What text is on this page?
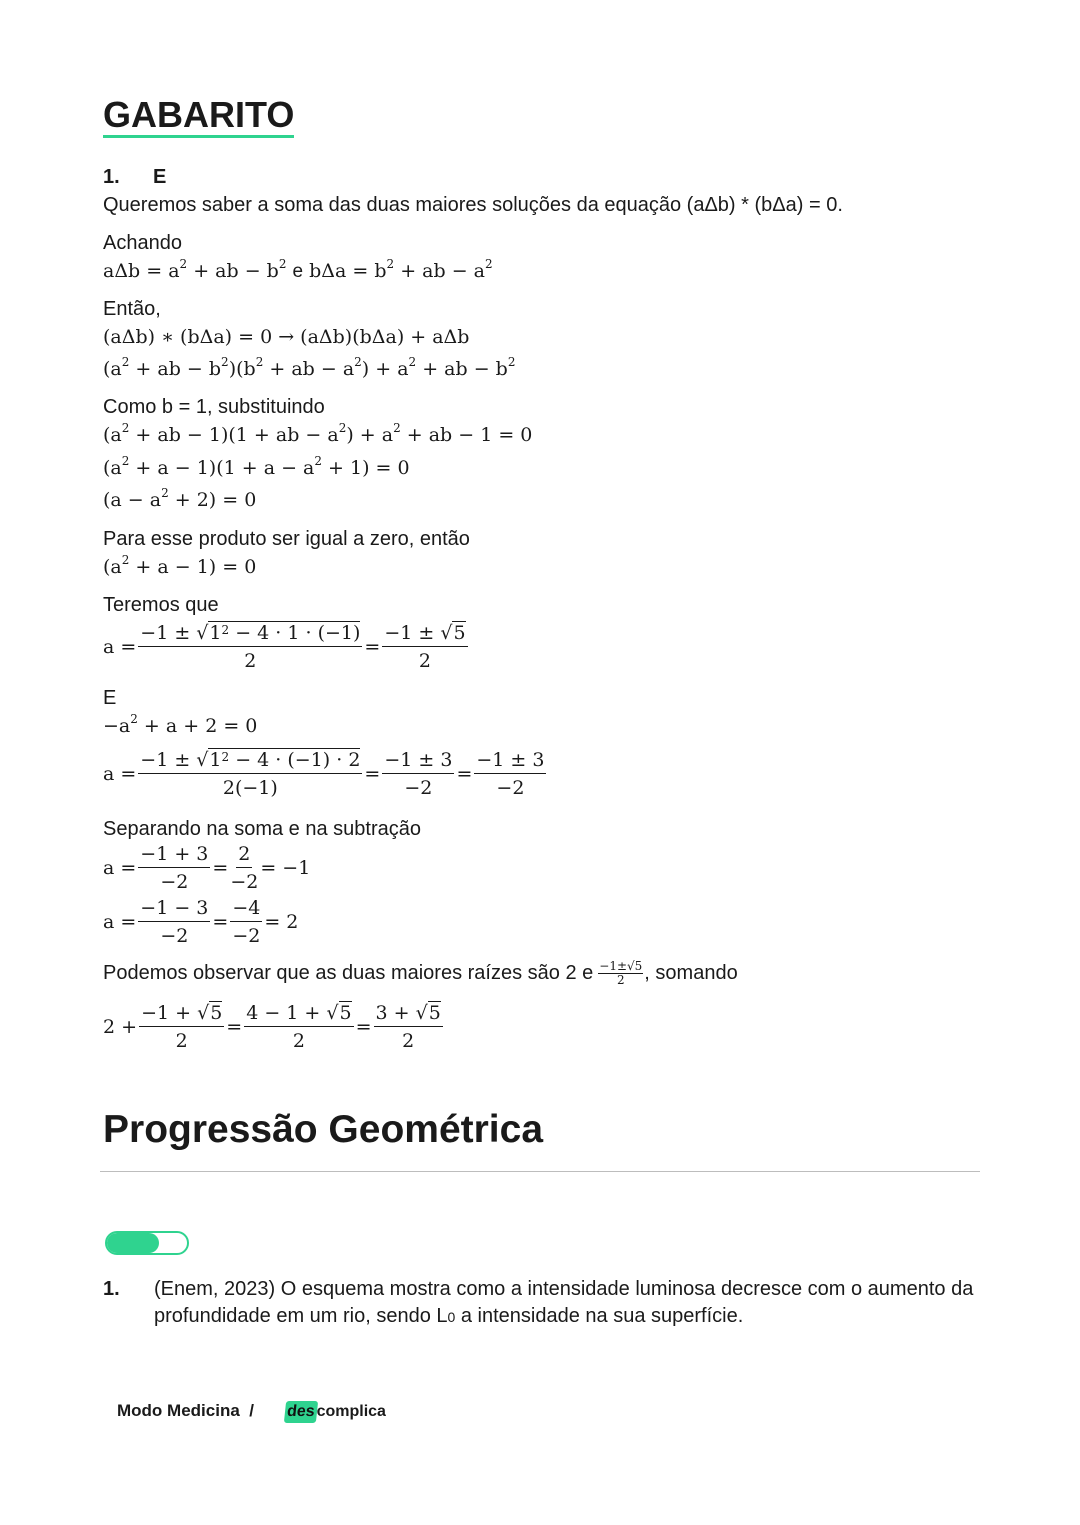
GABARITO
1. E
Queremos saber a soma das duas maiores soluções da equação (aΔb) * (bΔa) = 0.
Achando
$a\Delta b = a^2$ + ab − $b^2$ e $b\Delta a = b^2$ + ab − $a^2$
Então,
(aΔb) ∗ (bΔa) = 0 → (aΔb)(bΔa) + aΔb
($a^2$ + ab − $b^2)(b^2$ + ab − $a^2) + a^2$ + ab − $b^2$
Como b = 1, substituindo
($a^2$ + ab − 1)(1 + ab − $a^2) + a^2$ + ab − 1 = 0
$(a^2 + a - 1)(1 + a - a^2 + 1) = 0$
$(a - a^2 + 2) = 0$
Para esse produto ser igual a zero, então
$(a^2 + a - 1) = 0$
Teremos que
$a = \frac{-1 \pm √1^2 - 4 \cdot 1 \cdot (-1)}{2} = \frac{-1 \pm √5}{2}$
E
$-a^2 + a + 2 = 0$
$a = \frac{-1 \pm √1^2 - 4 \cdot (-1) \cdot 2}{2(-1)} = \frac{-1 \pm 3}{-2} = \frac{-1 \pm 3}{-2}$
Separando na soma e na subtração
$a = \frac{-1 + 3}{-2} = \frac{2}{-2} = -1$
$a = \frac{-1 - 3}{-2} = \frac{-4}{-2} = 2$
Podemos observar que as duas maiores raízes são 2 e $\frac{-1\pm√5}{2}$ , somando
$2 + \frac{-1 + √5}{2} = \frac{4 - 1 + √5}{2} = \frac{3 + √5}{2}$
Progressão Geométrica
1. (Enem, 2023) O esquema mostra como a intensidade luminosa decresce com o aumento da
profundidade em um rio, sendo L0 a intensidade na sua superfície.
Modo Medicina / des complica
